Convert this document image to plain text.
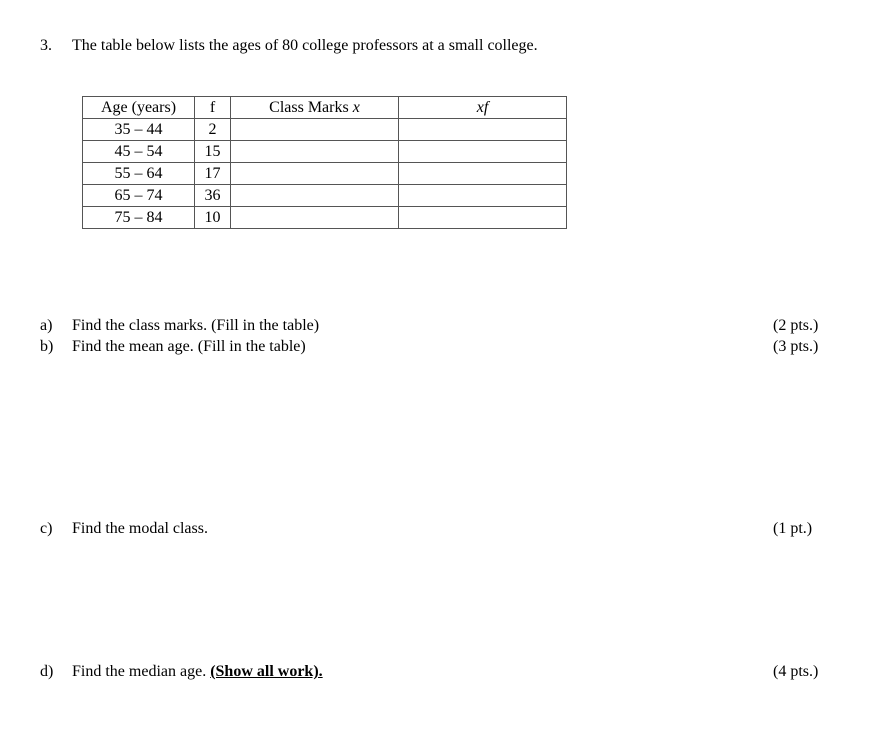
3. The table below lists the ages of 80 college professors at a small college.
Age (years)	f	Class Marks x	xf
35 – 44	2		
45 – 54	15		
55 – 64	17		
65 – 74	36		
75 – 84	10		
a) Find the class marks. (Fill in the table)	(2 pts.)
b) Find the mean age. (Fill in the table)	(3 pts.)
c) Find the modal class.	(1 pt.)
d) Find the median age. (Show all work).	(4 pts.)
